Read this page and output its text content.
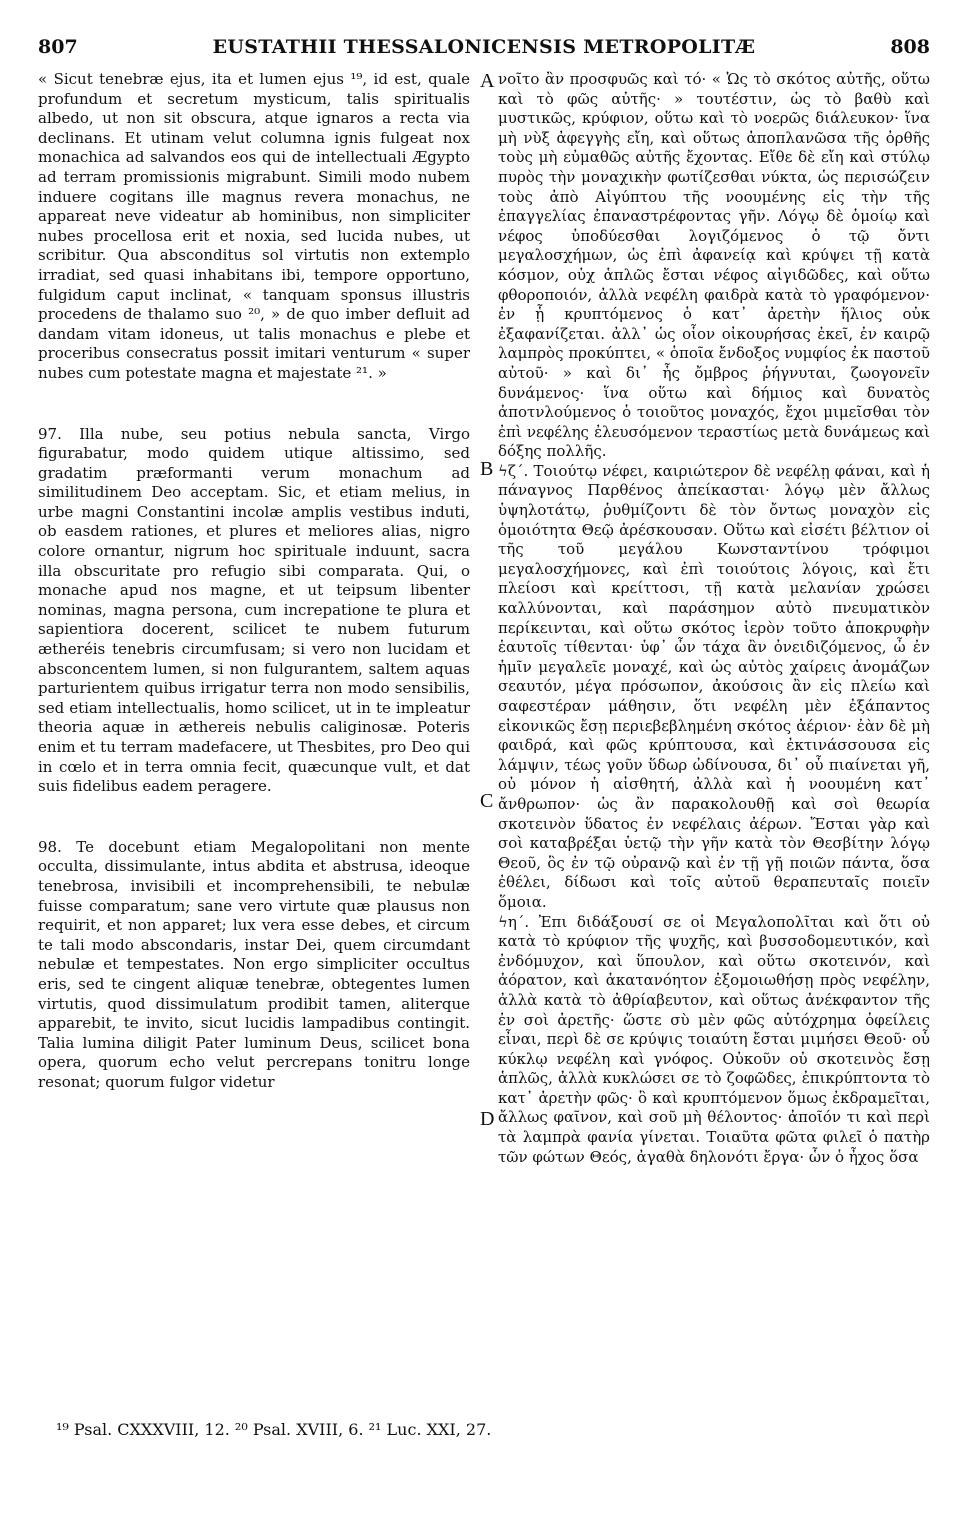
807	EUSTATHII THESSALONICENSIS METROPOLITÆ	808

« Sicut tenebræ ejus, ita et lumen ejus ¹⁹, id est, quale profundum et secretum mysticum, talis spiritualis albedo, ut non sit obscura, atque ignaros a recta via declinans. Et utinam velut columna ignis fulgeat nox monachica ad salvandos eos qui de intellectuali Ægypto ad terram promissionis migrabunt. Simili modo nubem induere cogitans ille magnus revera monachus, ne appareat neve videatur ab hominibus, non simpliciter nubes procellosa erit et noxia, sed lucida nubes, ut scribitur. Qua absconditus sol virtutis non extemplo irradiat, sed quasi inhabitans ibi, tempore opportuno, fulgidum caput inclinat, « tanquam sponsus illustris procedens de thalamo suo ²⁰, » de quo imber defluit ad dandam vitam idoneus, ut talis monachus e plebe et proceribus consecratus possit imitari venturum « super nubes cum potestate magna et majestate ²¹. »

97. Illa nube, seu potius nebula sancta, Virgo figurabatur, modo quidem utique altissimo, sed gradatim præformanti verum monachum ad similitudinem Deo acceptam. Sic, et etiam melius, in urbe magni Constantini incolæ amplis vestibus induti, ob easdem rationes, et plures et meliores alias, nigro colore ornantur, nigrum hoc spirituale induunt, sacra illa obscuritate pro refugio sibi comparata. Qui, o monache apud nos magne, et ut teipsum libenter nominas, magna persona, cum increpatione te plura et sapientiora docerent, scilicet te nubem futurum ætheréis tenebris circumfusam; si vero non lucidam et absconcentem lumen, si non fulgurantem, saltem aquas parturientem quibus irrigatur terra non modo sensibilis, sed etiam intellectualis, homo scilicet, ut in te impleatur theoria aquæ in æthereis nebulis caliginosæ. Poteris enim et tu terram madefacere, ut Thesbites, pro Deo qui in cœlo et in terra omnia fecit, quæcunque vult, et dat suis fidelibus eadem peragere.

98. Te docebunt etiam Megalopolitani non mente occulta, dissimulante, intus abdita et abstrusa, ideoque tenebrosa, invisibili et incomprehensibili, te nebulæ fuisse comparatum; sane vero virtute quæ plausus non requirit, et non apparet; lux vera esse debes, et circum te tali modo abscondaris, instar Dei, quem circumdant nebulæ et tempestates. Non ergo simpliciter occultus eris, sed te cingent aliquæ tenebræ, obtegentes lumen virtutis, quod dissimulatum prodibit tamen, aliterque apparebit, te invito, sicut lucidis lampadibus contingit. Talia lumina diligit Pater luminum Deus, scilicet bona opera, quorum echo velut percrepans tonitru longe resonat; quorum fulgor videtur

A
B
C
D

νοῖτο ἂν προσφυῶς καὶ τό· « Ὡς τὸ σκότος αὐτῆς, οὕτω καὶ τὸ φῶς αὐτῆς· » τουτέστιν, ὡς τὸ βαθὺ καὶ μυστικῶς, κρύφιον, οὕτω καὶ τὸ νοερῶς διάλευκον· ἵνα μὴ νὺξ ἀφεγγὴς εἴη, καὶ οὕτως ἀποπλανῶσα τῆς ὀρθῆς τοὺς μὴ εὐμαθῶς αὐτῆς ἔχοντας. Εἴθε δὲ εἴη καὶ στύλῳ πυρὸς τὴν μοναχικὴν φωτίζεσθαι νύκτα, ὡς περισώζειν τοὺς ἀπὸ Αἰγύπτου τῆς νοουμένης εἰς τὴν τῆς ἐπαγγελίας ἐπαναστρέφοντας γῆν. Λόγῳ δὲ ὁμοίῳ καὶ νέφος ὑποδύεσθαι λογιζόμενος ὁ τῷ ὄντι μεγαλοσχήμων, ὡς ἐπὶ ἀφανείᾳ καὶ κρύψει τῇ κατὰ κόσμον, οὐχ ἁπλῶς ἔσται νέφος αἰγιδῶδες, καὶ οὕτω φθοροποιόν, ἀλλὰ νεφέλη φαιδρὰ κατὰ τὸ γραφόμενον· ἐν ᾗ κρυπτόμενος ὁ κατ᾽ ἀρετὴν ἥλιος οὐκ ἐξαφανίζεται. ἀλλ᾽ ὡς οἷον οἰκουρήσας ἐκεῖ, ἐν καιρῷ λαμπρὸς προκύπτει, « ὁποῖα ἔνδοξος νυμφίος ἐκ παστοῦ αὐτοῦ· » καὶ δι᾽ ἧς ὄμβρος ῥήγνυται, ζωογονεῖν δυνάμενος· ἵνα οὕτω καὶ δήμιος καὶ δυνατὸς ἀποτνλούμενος ὁ τοιοῦτος μοναχός, ἔχοι μιμεῖσθαι τὸν ἐπὶ νεφέλης ἐλευσόμενον τεραστίως μετὰ δυνάμεως καὶ δόξης πολλῆς.

ϟζ΄. Τοιούτῳ νέφει, καιριώτερον δὲ νεφέλῃ φάναι, καὶ ἡ πάναγνος Παρθένος ἀπείκασται· λόγῳ μὲν ἄλλως ὑψηλοτάτῳ, ῥυθμίζοντι δὲ τὸν ὄντως μοναχὸν εἰς ὁμοιότητα Θεῷ ἀρέσκουσαν. Οὕτω καὶ εἰσέτι βέλτιον οἱ τῆς τοῦ μεγάλου Κωνσταντίνου τρόφιμοι μεγαλοσχήμονες, καὶ ἐπὶ τοιούτοις λόγοις, καὶ ἔτι πλείοσι καὶ κρείττοσι, τῇ κατὰ μελανίαν χρώσει καλλύνονται, καὶ παράσημον αὐτὸ πνευματικὸν περίκεινται, καὶ οὕτω σκότος ἱερὸν τοῦτο ἀποκρυφὴν ἑαυτοῖς τίθενται· ὑφ᾽ ὧν τάχα ἂν ὀνειδιζόμενος, ὦ ἐν ἡμῖν μεγαλεῖε μοναχέ, καὶ ὡς αὐτὸς χαίρεις ἀνομάζων σεαυτόν, μέγα πρόσωπον, ἀκούσοις ἂν εἰς πλείω καὶ σαφεστέραν μάθησιν, ὅτι νεφέλη μὲν ἐξάπαντος εἰκονικῶς ἔσῃ περιεβεβλημένη σκότος ἀέριον· ἐὰν δὲ μὴ φαιδρά, καὶ φῶς κρύπτουσα, καὶ ἐκτινάσσουσα εἰς λάμψιν, τέως γοῦν ὕδωρ ὠδίνουσα, δι᾽ οὗ πιαίνεται γῆ, οὐ μόνον ἡ αἰσθητή, ἀλλὰ καὶ ἡ νοουμένη κατ᾽ ἄνθρωπον· ὡς ἂν παρακολουθῇ καὶ σοὶ θεωρία σκοτεινὸν ὕδατος ἐν νεφέλαις ἀέρων. Ἔσται γὰρ καὶ σοὶ καταβρέξαι ὑετῷ τὴν γῆν κατὰ τὸν Θεσβίτην λόγῳ Θεοῦ, ὃς ἐν τῷ οὐρανῷ καὶ ἐν τῇ γῇ ποιῶν πάντα, ὅσα ἐθέλει, δίδωσι καὶ τοῖς αὐτοῦ θεραπευταῖς ποιεῖν ὅμοια.

ϟη΄. Ἐπι διδάξουσί σε οἱ Μεγαλοπολῖται καὶ ὅτι οὐ κατὰ τὸ κρύφιον τῆς ψυχῆς, καὶ βυσσοδομευτικόν, καὶ ἐνδόμυχον, καὶ ὕπουλον, καὶ οὕτω σκοτεινόν, καὶ ἀόρατον, καὶ ἀκατανόητον ἐξομοιωθήσῃ πρὸς νεφέλην, ἀλλὰ κατὰ τὸ ἀθρίαβευτον, καὶ οὕτως ἀνέκφαντον τῆς ἐν σοὶ ἀρετῆς· ὥστε σὺ μὲν φῶς αὐτόχρημα ὀφείλεις εἶναι, περὶ δὲ σε κρύψις τοιαύτη ἔσται μιμήσει Θεοῦ· οὗ κύκλῳ νεφέλη καὶ γνόφος. Οὐκοῦν οὐ σκοτεινὸς ἔσῃ ἁπλῶς, ἀλλὰ κυκλώσει σε τὸ ζοφῶδες, ἐπικρύπτοντα τὸ κατ᾽ ἀρετὴν φῶς· ὃ καὶ κρυπτόμενον ὅμως ἐκδραμεῖται, ἄλλως φαῖνον, καὶ σοῦ μὴ θέλοντος· ἀποῖόν τι καὶ περὶ τὰ λαμπρὰ φανία γίνεται. Τοιαῦτα φῶτα φιλεῖ ὁ πατὴρ τῶν φώτων Θεός, ἀγαθὰ δηλονότι ἔργα· ὧν ὁ ἦχος ὅσα

¹⁹ Psal. CXXXVIII, 12. ²⁰ Psal. XVIII, 6. ²¹ Luc. XXI, 27.
